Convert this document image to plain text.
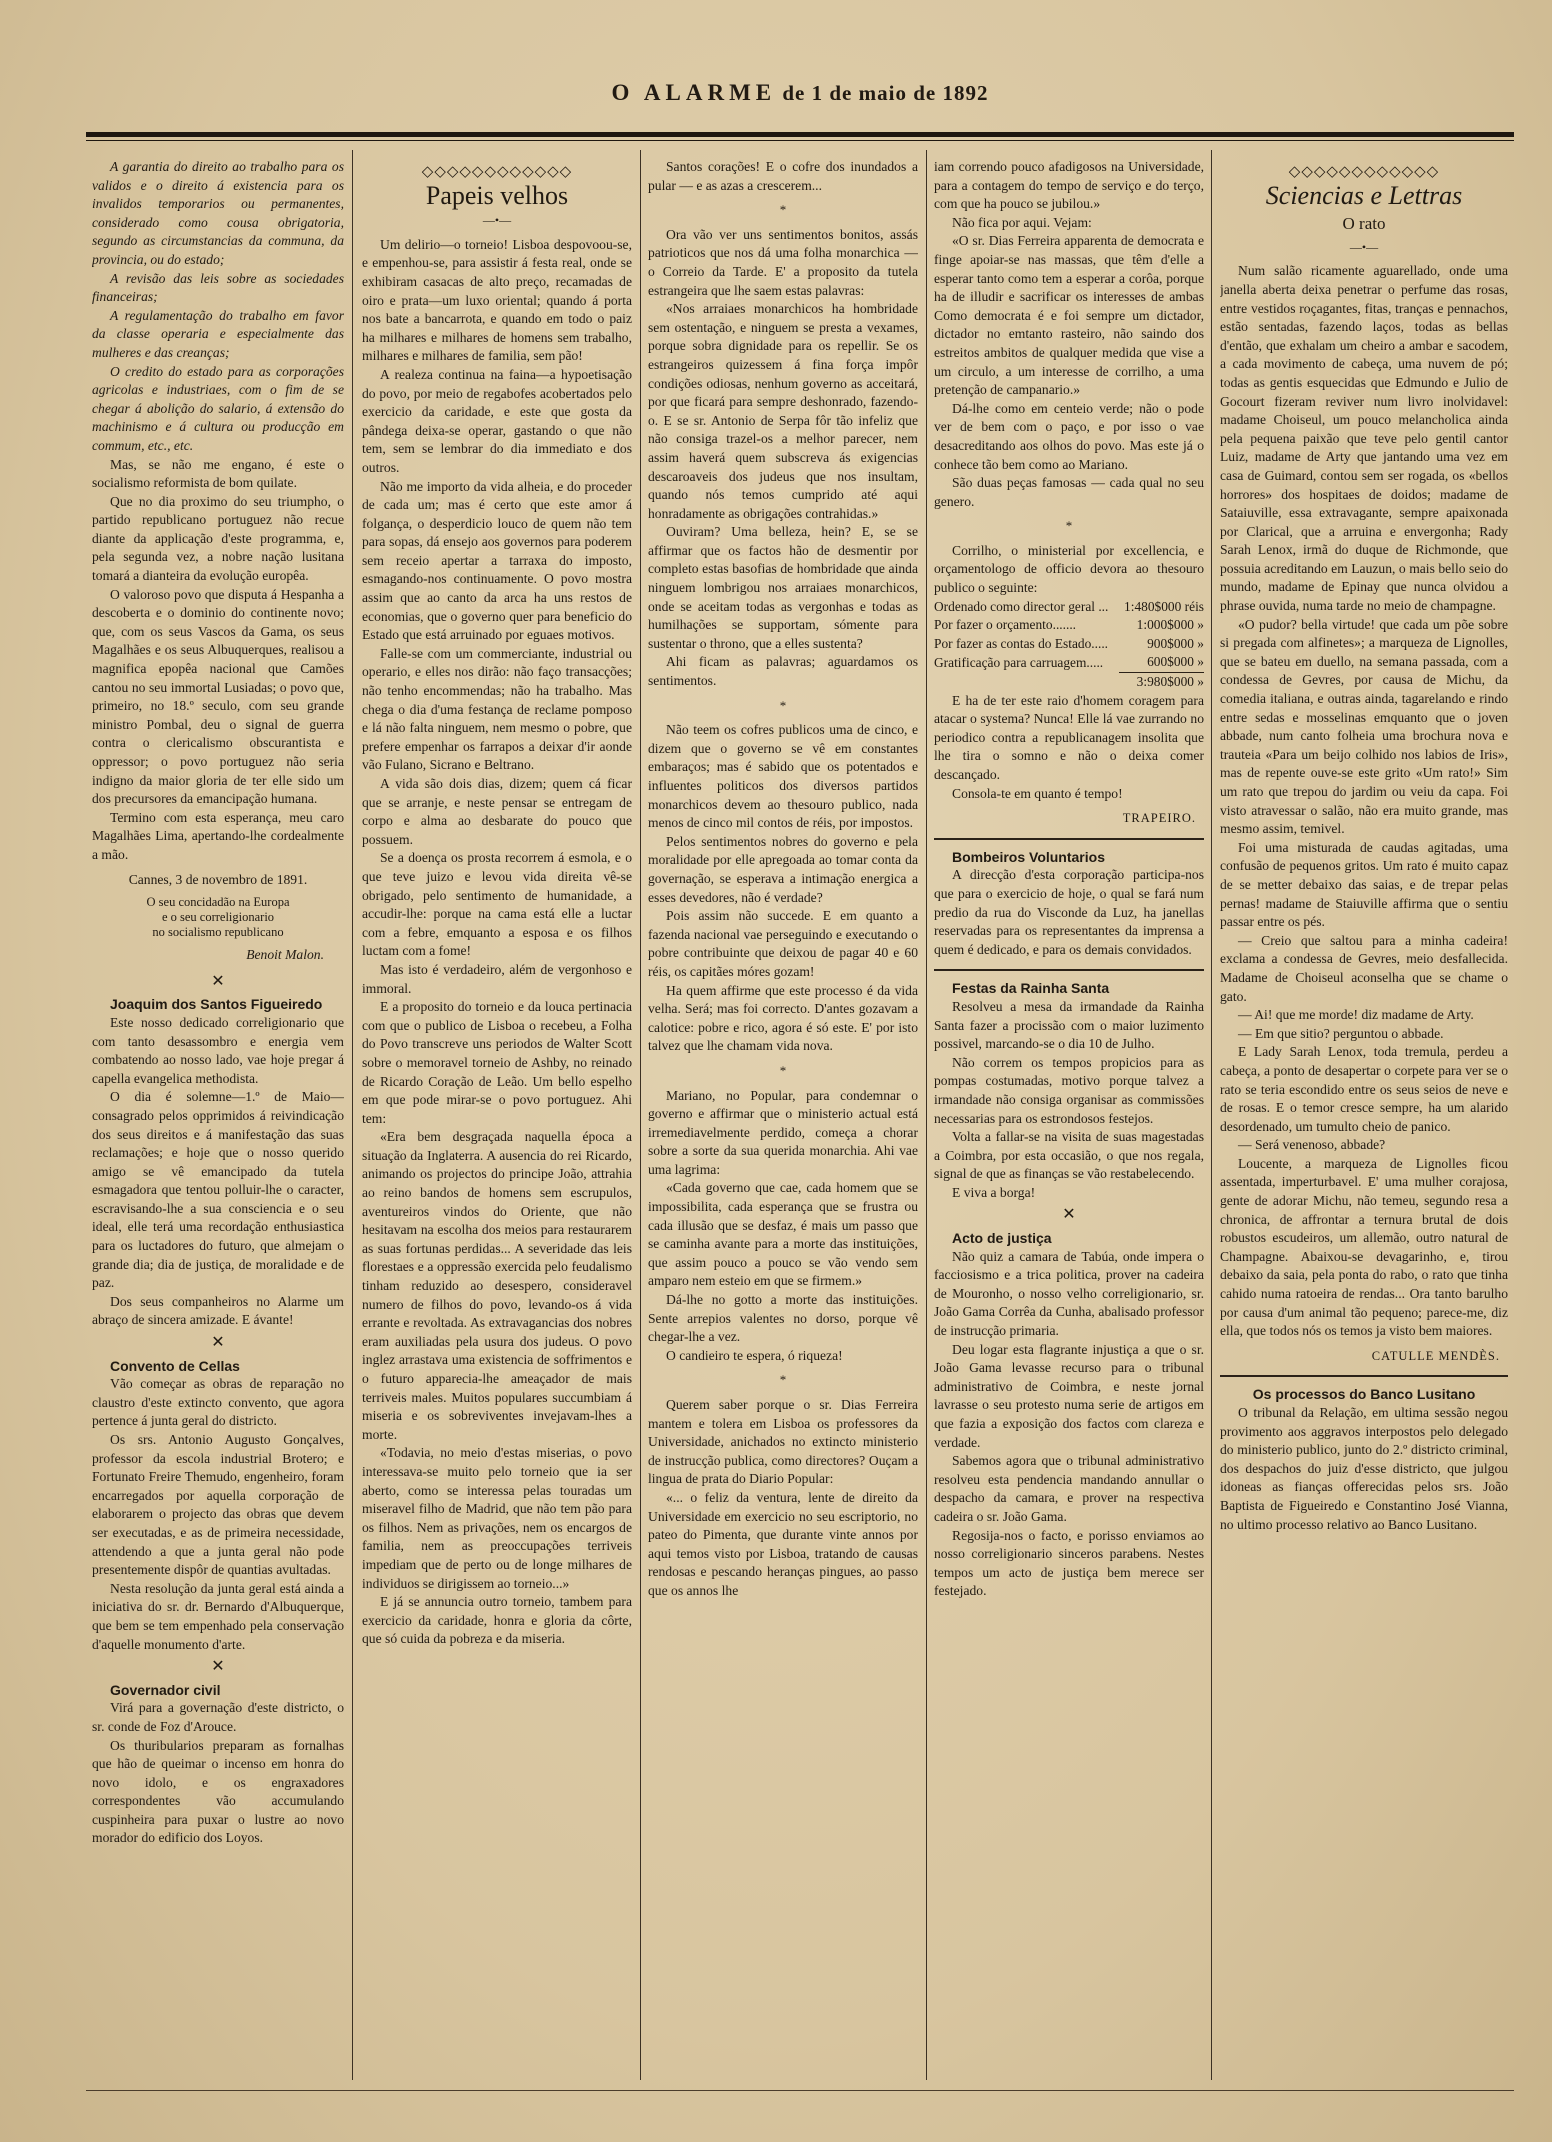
O ALARME de 1 de maio de 1892

A garantia do direito ao trabalho para os validos e o direito á existencia para os invalidos temporarios ou permanentes, considerado como cousa obrigatoria, segundo as circumstancias da communa, da provincia, ou do estado;

A revisão das leis sobre as sociedades financeiras;

A regulamentação do trabalho em favor da classe operaria e especialmente das mulheres e das creanças;

O credito do estado para as corporações agricolas e industriaes, com o fim de se chegar á abolição do salario, á extensão do machinismo e á cultura ou producção em commum, etc., etc.

Mas, se não me engano, é este o socialismo reformista de bom quilate.

Que no dia proximo do seu triumpho, o partido republicano portuguez não recue diante da applicação d'este programma, e, pela segunda vez, a nobre nação lusitana tomará a dianteira da evolução europêa.

O valoroso povo que disputa á Hespanha a descoberta e o dominio do continente novo; que, com os seus Vascos da Gama, os seus Magalhães e os seus Albuquerques, realisou a magnifica epopêa nacional que Camões cantou no seu immortal Lusiadas; o povo que, primeiro, no 18.º seculo, com seu grande ministro Pombal, deu o signal de guerra contra o clericalismo obscurantista e oppressor; o povo portuguez não seria indigno da maior gloria de ter elle sido um dos precursores da emancipação humana.

Termino com esta esperança, meu caro Magalhães Lima, apertando-lhe cordealmente a mão.

Cannes, 3 de novembro de 1891.

O seu concidadão na Europa

e o seu correligionario

no socialismo republicano

Benoit Malon.
✕

Joaquim dos Santos Figueiredo

Este nosso dedicado correligionario que com tanto desassombro e energia vem combatendo ao nosso lado, vae hoje pregar á capella evangelica methodista.

O dia é solemne—1.º de Maio—consagrado pelos opprimidos á reivindicação dos seus direitos e á manifestação das suas reclamações; e hoje que o nosso querido amigo se vê emancipado da tutela esmagadora que tentou polluir-lhe o caracter, escravisando-lhe a sua consciencia e o seu ideal, elle terá uma recordação enthusiastica para os luctadores do futuro, que almejam o grande dia; dia de justiça, de moralidade e de paz.

Dos seus companheiros no Alarme um abraço de sincera amizade. E ávante!

✕

Convento de Cellas

Vão começar as obras de reparação no claustro d'este extincto convento, que agora pertence á junta geral do districto.

Os srs. Antonio Augusto Gonçalves, professor da escola industrial Brotero; e Fortunato Freire Themudo, engenheiro, foram encarregados por aquella corporação de elaborarem o projecto das obras que devem ser executadas, e as de primeira necessidade, attendendo a que a junta geral não pode presentemente dispôr de quantias avultadas.

Nesta resolução da junta geral está ainda a iniciativa do sr. dr. Bernardo d'Albuquerque, que bem se tem empenhado pela conservação d'aquelle monumento d'arte.

✕

Governador civil

Virá para a governação d'este districto, o sr. conde de Foz d'Arouce.

Os thuribularios preparam as fornalhas que hão de queimar o incenso em honra do novo idolo, e os engraxadores correspondentes vão accumulando cuspinheira para puxar o lustre ao novo morador do edificio dos Loyos.

◇◇◇◇◇◇◇◇◇◇◇◇
Papeis velhos
—•—

Um delirio—o torneio! Lisboa despovoou-se, e empenhou-se, para assistir á festa real, onde se exhibiram casacas de alto preço, recamadas de oiro e prata—um luxo oriental; quando á porta nos bate a bancarrota, e quando em todo o paiz ha milhares e milhares de homens sem trabalho, milhares e milhares de familia, sem pão!

A realeza continua na faina—a hypoetisação do povo, por meio de regabofes acobertados pelo exercicio da caridade, e este que gosta da pândega deixa-se operar, gastando o que não tem, sem se lembrar do dia immediato e dos outros.

Não me importo da vida alheia, e do proceder de cada um; mas é certo que este amor á folgança, o desperdicio louco de quem não tem para sopas, dá ensejo aos governos para poderem sem receio apertar a tarraxa do imposto, esmagando-nos continuamente. O povo mostra assim que ao canto da arca ha uns restos de economias, que o governo quer para beneficio do Estado que está arruinado por eguaes motivos.

Falle-se com um commerciante, industrial ou operario, e elles nos dirão: não faço transacções; não tenho encommendas; não ha trabalho. Mas chega o dia d'uma festança de reclame pomposo e lá não falta ninguem, nem mesmo o pobre, que prefere empenhar os farrapos a deixar d'ir aonde vão Fulano, Sicrano e Beltrano.

A vida são dois dias, dizem; quem cá ficar que se arranje, e neste pensar se entregam de corpo e alma ao desbarate do pouco que possuem.

Se a doença os prosta recorrem á esmola, e o que teve juizo e levou vida direita vê-se obrigado, pelo sentimento de humanidade, a accudir-lhe: porque na cama está elle a luctar com a febre, emquanto a esposa e os filhos luctam com a fome!

Mas isto é verdadeiro, além de vergonhoso e immoral.

E a proposito do torneio e da louca pertinacia com que o publico de Lisboa o recebeu, a Folha do Povo transcreve uns periodos de Walter Scott sobre o memoravel torneio de Ashby, no reinado de Ricardo Coração de Leão. Um bello espelho em que pode mirar-se o povo portuguez. Ahi tem:

«Era bem desgraçada naquella época a situação da Inglaterra. A ausencia do rei Ricardo, animando os projectos do principe João, attrahia ao reino bandos de homens sem escrupulos, aventureiros vindos do Oriente, que não hesitavam na escolha dos meios para restaurarem as suas fortunas perdidas... A severidade das leis florestaes e a oppressão exercida pelo feudalismo tinham reduzido ao desespero, consideravel numero de filhos do povo, levando-os á vida errante e revoltada. As extravagancias dos nobres eram auxiliadas pela usura dos judeus. O povo inglez arrastava uma existencia de soffrimentos e o futuro apparecia-lhe ameaçador de mais terriveis males. Muitos populares succumbiam á miseria e os sobreviventes invejavam-lhes a morte.

«Todavia, no meio d'estas miserias, o povo interessava-se muito pelo torneio que ia ser aberto, como se interessa pelas touradas um miseravel filho de Madrid, que não tem pão para os filhos. Nem as privações, nem os encargos de familia, nem as preoccupações terriveis impediam que de perto ou de longe milhares de individuos se dirigissem ao torneio...»

E já se annuncia outro torneio, tambem para exercicio da caridade, honra e gloria da côrte, que só cuida da pobreza e da miseria.

Santos corações! E o cofre dos inundados a pular — e as azas a crescerem...

*

Ora vão ver uns sentimentos bonitos, assás patrioticos que nos dá uma folha monarchica — o Correio da Tarde. E' a proposito da tutela estrangeira que lhe saem estas palavras:

«Nos arraiaes monarchicos ha hombridade sem ostentação, e ninguem se presta a vexames, porque sobra dignidade para os repellir. Se os estrangeiros quizessem á fina força impôr condições odiosas, nenhum governo as acceitará, por que ficará para sempre deshonrado, fazendo-o. E se sr. Antonio de Serpa fôr tão infeliz que não consiga trazel-os a melhor parecer, nem assim haverá quem subscreva ás exigencias descaroaveis dos judeus que nos insultam, quando nós temos cumprido até aqui honradamente as obrigações contrahidas.»

Ouviram? Uma belleza, hein? E, se se affirmar que os factos hão de desmentir por completo estas basofias de hombridade que ainda ninguem lombrigou nos arraiaes monarchicos, onde se aceitam todas as vergonhas e todas as humilhações se supportam, sómente para sustentar o throno, que a elles sustenta?

Ahi ficam as palavras; aguardamos os sentimentos.

*

Não teem os cofres publicos uma de cinco, e dizem que o governo se vê em constantes embaraços; mas é sabido que os potentados e influentes politicos dos diversos partidos monarchicos devem ao thesouro publico, nada menos de cinco mil contos de réis, por impostos.

Pelos sentimentos nobres do governo e pela moralidade por elle apregoada ao tomar conta da governação, se esperava a intimação energica a esses devedores, não é verdade?

Pois assim não succede. E em quanto a fazenda nacional vae perseguindo e executando o pobre contribuinte que deixou de pagar 40 e 60 réis, os capitães móres gozam!

Ha quem affirme que este processo é da vida velha. Será; mas foi correcto. D'antes gozavam a calotice: pobre e rico, agora é só este. E' por isto talvez que lhe chamam vida nova.

*

Mariano, no Popular, para condemnar o governo e affirmar que o ministerio actual está irremediavelmente perdido, começa a chorar sobre a sorte da sua querida monarchia. Ahi vae uma lagrima:

«Cada governo que cae, cada homem que se impossibilita, cada esperança que se frustra ou cada illusão que se desfaz, é mais um passo que se caminha avante para a morte das instituições, que assim pouco a pouco se vão vendo sem amparo nem esteio em que se firmem.»

Dá-lhe no gotto a morte das instituições. Sente arrepios valentes no dorso, porque vê chegar-lhe a vez.

O candieiro te espera, ó riqueza!

*

Querem saber porque o sr. Dias Ferreira mantem e tolera em Lisboa os professores da Universidade, anichados no extincto ministerio de instrucção publica, como directores? Ouçam a lingua de prata do Diario Popular:

«... o feliz da ventura, lente de direito da Universidade em exercicio no seu escriptorio, no pateo do Pimenta, que durante vinte annos por aqui temos visto por Lisboa, tratando de causas rendosas e pescando heranças pingues, ao passo que os annos lhe

iam correndo pouco afadigosos na Universidade, para a contagem do tempo de serviço e do terço, com que ha pouco se jubilou.»

Não fica por aqui. Vejam:

«O sr. Dias Ferreira apparenta de democrata e finge apoiar-se nas massas, que têm d'elle a esperar tanto como tem a esperar a corôa, porque ha de illudir e sacrificar os interesses de ambas Como democrata é e foi sempre um dictador, dictador no emtanto rasteiro, não saindo dos estreitos ambitos de qualquer medida que vise a um circulo, a um interesse de corrilho, a uma pretenção de campanario.»

Dá-lhe como em centeio verde; não o pode ver de bem com o paço, e por isso o vae desacreditando aos olhos do povo. Mas este já o conhece tão bem como ao Mariano.

São duas peças famosas — cada qual no seu genero.

*

Corrilho, o ministerial por excellencia, e orçamentologo de officio devora ao thesouro publico o seguinte:

Ordenado como director geral ...	1:480$000 réis
Por fazer o orçamento.......	1:000$000 »
Por fazer as contas do Estado.....	900$000 »
Gratificação para carruagem.....	600$000 »
	3:980$000 »

E ha de ter este raio d'homem coragem para atacar o systema? Nunca! Elle lá vae zurrando no periodico contra a republicanagem insolita que lhe tira o somno e não o deixa comer descançado.

Consola-te em quanto é tempo!

TRAPEIRO.

Bombeiros Voluntarios

A direcção d'esta corporação participa-nos que para o exercicio de hoje, o qual se fará num predio da rua do Visconde da Luz, ha janellas reservadas para os representantes da imprensa a quem é dedicado, e para os demais convidados.

Festas da Rainha Santa

Resolveu a mesa da irmandade da Rainha Santa fazer a procissão com o maior luzimento possivel, marcando-se o dia 10 de Julho.

Não correm os tempos propicios para as pompas costumadas, motivo porque talvez a irmandade não consiga organisar as commissões necessarias para os estrondosos festejos.

Volta a fallar-se na visita de suas magestadas a Coimbra, por esta occasião, o que nos regala, signal de que as finanças se vão restabelecendo.

E viva a borga!

✕

Acto de justiça

Não quiz a camara de Tabúa, onde impera o facciosismo e a trica politica, prover na cadeira de Mouronho, o nosso velho correligionario, sr. João Gama Corrêa da Cunha, abalisado professor de instrucção primaria.

Deu logar esta flagrante injustiça a que o sr. João Gama levasse recurso para o tribunal administrativo de Coimbra, e neste jornal lavrasse o seu protesto numa serie de artigos em que fazia a exposição dos factos com clareza e verdade.

Sabemos agora que o tribunal administrativo resolveu esta pendencia mandando annullar o despacho da camara, e prover na respectiva cadeira o sr. João Gama.

Regosija-nos o facto, e porisso enviamos ao nosso correligionario sinceros parabens. Nestes tempos um acto de justiça bem merece ser festejado.

◇◇◇◇◇◇◇◇◇◇◇◇
Sciencias e Lettras
O rato
—•—

Num salão ricamente aguarellado, onde uma janella aberta deixa penetrar o perfume das rosas, entre vestidos roçagantes, fitas, tranças e pennachos, estão sentadas, fazendo laços, todas as bellas d'então, que exhalam um cheiro a ambar e sacodem, a cada movimento de cabeça, uma nuvem de pó; todas as gentis esquecidas que Edmundo e Julio de Gocourt fizeram reviver num livro inolvidavel: madame Choiseul, um pouco melancholica ainda pela pequena paixão que teve pelo gentil cantor Luiz, madame de Arty que jantando uma vez em casa de Guimard, contou sem ser rogada, os «bellos horrores» dos hospitaes de doidos; madame de Sataiuville, essa extravagante, sempre apaixonada por Clarical, que a arruina e envergonha; Rady Sarah Lenox, irmã do duque de Richmonde, que possuia acreditando em Lauzun, o mais bello seio do mundo, madame de Epinay que nunca olvidou a phrase ouvida, numa tarde no meio de champagne.

«O pudor? bella virtude! que cada um põe sobre si pregada com alfinetes»; a marqueza de Lignolles, que se bateu em duello, na semana passada, com a condessa de Gevres, por causa de Michu, da comedia italiana, e outras ainda, tagarelando e rindo entre sedas e mosselinas emquanto que o joven abbade, num canto folheia uma brochura nova e trauteia «Para um beijo colhido nos labios de Iris», mas de repente ouve-se este grito «Um rato!» Sim um rato que trepou do jardim ou veiu da capa. Foi visto atravessar o salão, não era muito grande, mas mesmo assim, temivel.

Foi uma misturada de caudas agitadas, uma confusão de pequenos gritos. Um rato é muito capaz de se metter debaixo das saias, e de trepar pelas pernas! madame de Staiuville affirma que o sentiu passar entre os pés.

— Creio que saltou para a minha cadeira! exclama a condessa de Gevres, meio desfallecida. Madame de Choiseul aconselha que se chame o gato.

— Ai! que me morde! diz madame de Arty.

— Em que sitio? perguntou o abbade.

E Lady Sarah Lenox, toda tremula, perdeu a cabeça, a ponto de desapertar o corpete para ver se o rato se teria escondido entre os seus seios de neve e de rosas. E o temor cresce sempre, ha um alarido desordenado, um tumulto cheio de panico.

— Será venenoso, abbade?

Loucente, a marqueza de Lignolles ficou assentada, imperturbavel. E' uma mulher corajosa, gente de adorar Michu, não temeu, segundo resa a chronica, de affrontar a ternura brutal de dois robustos escudeiros, um allemão, outro natural de Champagne. Abaixou-se devagarinho, e, tirou debaixo da saia, pela ponta do rabo, o rato que tinha cahido numa ratoeira de rendas... Ora tanto barulho por causa d'um animal tão pequeno; parece-me, diz ella, que todos nós os temos ja visto bem maiores.

CATULLE MENDÈS.

Os processos do Banco Lusitano

O tribunal da Relação, em ultima sessão negou provimento aos aggravos interpostos pelo delegado do ministerio publico, junto do 2.º districto criminal, dos despachos do juiz d'esse districto, que julgou idoneas as fianças offerecidas pelos srs. João Baptista de Figueiredo e Constantino José Vianna, no ultimo processo relativo ao Banco Lusitano.
